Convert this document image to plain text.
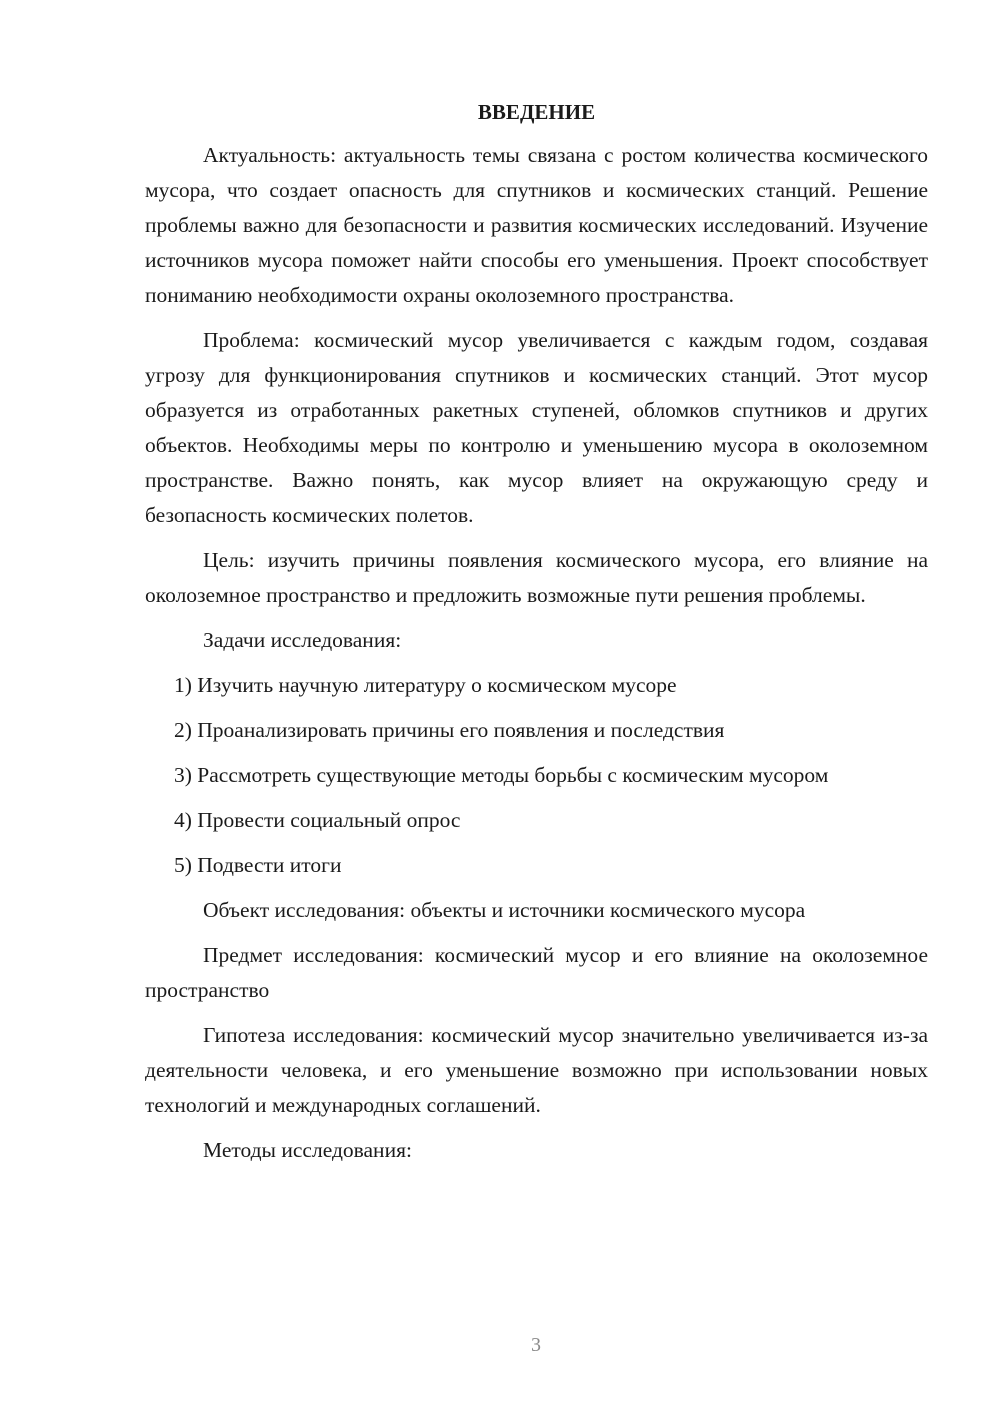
ВВЕДЕНИЕ

Актуальность: актуальность темы связана с ростом количества космического мусора, что создает опасность для спутников и космических станций. Решение проблемы важно для безопасности и развития космических исследований. Изучение источников мусора поможет найти способы его уменьшения. Проект способствует пониманию необходимости охраны околоземного пространства.

Проблема: космический мусор увеличивается с каждым годом, создавая угрозу для функционирования спутников и космических станций. Этот мусор образуется из отработанных ракетных ступеней, обломков спутников и других объектов. Необходимы меры по контролю и уменьшению мусора в околоземном пространстве. Важно понять, как мусор влияет на окружающую среду и безопасность космических полетов.

Цель: изучить причины появления космического мусора, его влияние на околоземное пространство и предложить возможные пути решения проблемы.

Задачи исследования:

1) Изучить научную литературу о космическом мусоре

2) Проанализировать причины его появления и последствия

3) Рассмотреть существующие методы борьбы с космическим мусором

4) Провести социальный опрос

5) Подвести итоги

Объект исследования: объекты и источники космического мусора

Предмет исследования: космический мусор и его влияние на околоземное пространство

Гипотеза исследования: космический мусор значительно увеличивается из-за деятельности человека, и его уменьшение возможно при использовании новых технологий и международных соглашений.

Методы исследования:

3
